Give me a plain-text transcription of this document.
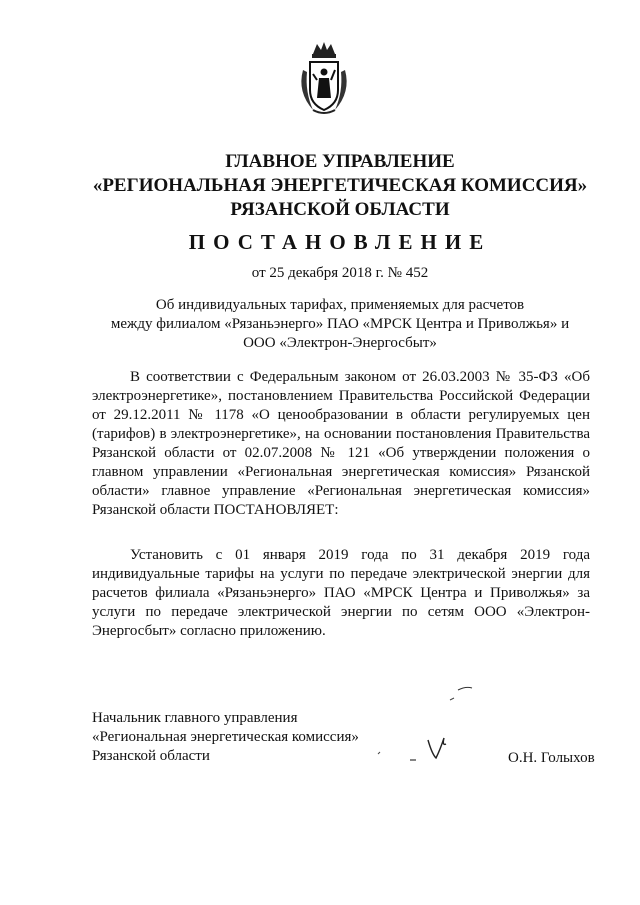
ГЛАВНОЕ УПРАВЛЕНИЕ
«РЕГИОНАЛЬНАЯ ЭНЕРГЕТИЧЕСКАЯ КОМИССИЯ»
РЯЗАНСКОЙ ОБЛАСТИ
ПОСТАНОВЛЕНИЕ
от 25 декабря 2018 г. № 452
Об индивидуальных тарифах, применяемых для расчетов
между филиалом «Рязаньэнерго» ПАО «МРСК Центра и Приволжья» и
ООО «Электрон-Энергосбыт»
В соответствии с Федеральным законом от 26.03.2003 № 35-ФЗ «Об электроэнергетике», постановлением Правительства Российской Федерации от 29.12.2011 № 1178 «О ценообразовании в области регулируемых цен (тарифов) в электроэнергетике», на основании постановления Правительства Рязанской области от 02.07.2008 № 121 «Об утверждении положения о главном управлении «Региональная энергетическая комиссия» Рязанской области» главное управление «Региональная энергетическая комиссия» Рязанской области ПОСТАНОВЛЯЕТ:
Установить с 01 января 2019 года по 31 декабря 2019 года индивидуальные тарифы на услуги по передаче электрической энергии для расчетов филиала «Рязаньэнерго» ПАО «МРСК Центра и Приволжья» за услуги по передаче электрической энергии по сетям ООО «Электрон-Энергосбыт» согласно приложению.
Начальник главного управления
«Региональная энергетическая комиссия»
Рязанской области	О.Н. Голыхов
